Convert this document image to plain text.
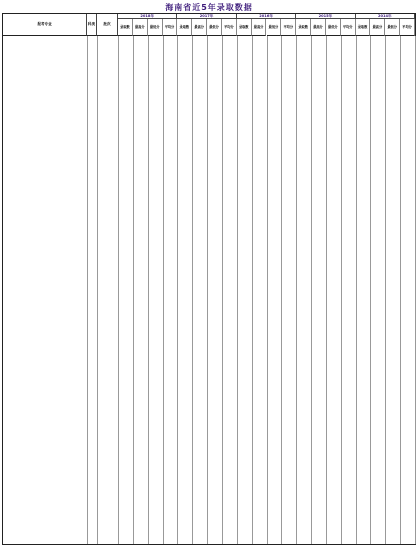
海南省近5年录取数据
报考专业	科类	批次
2018年
录取数	最高分	最低分	平均分
2017年
录取数	最高分	最低分	平均分
2016年
录取数	最高分	最低分	平均分
2015年
录取数	最高分	最低分	平均分
2014年
录取数	最高分	最低分	平均分
